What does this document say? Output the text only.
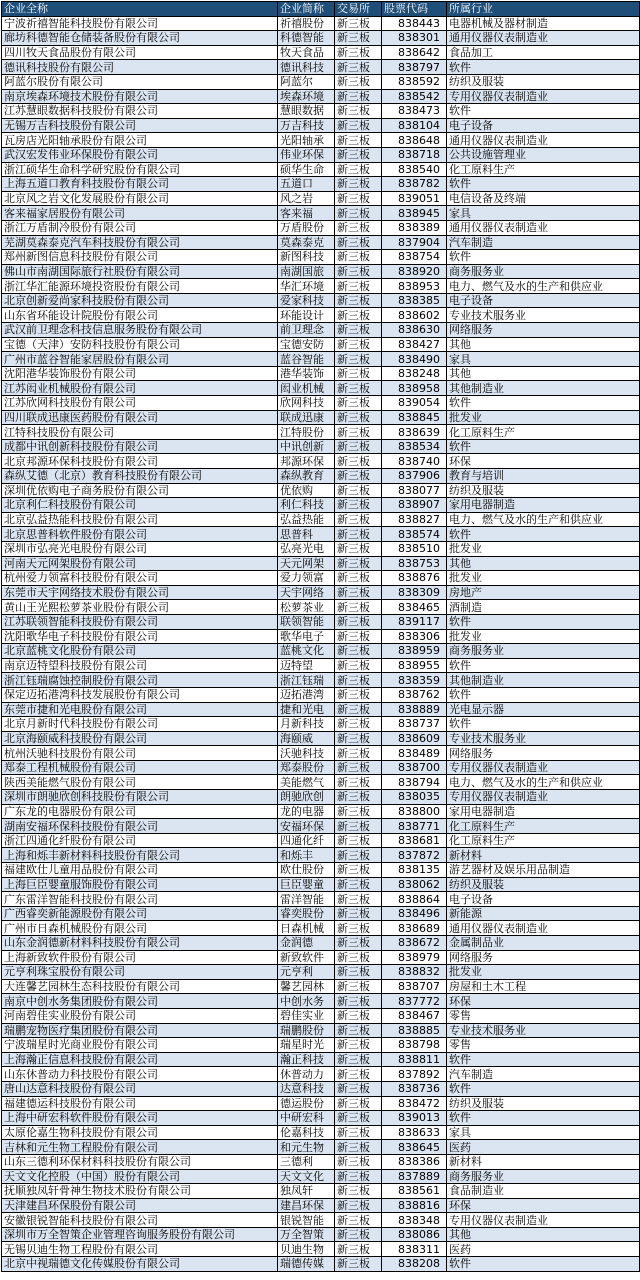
企业全称	企业简称	交易所	股票代码	所属行业
宁波祈禧智能科技股份有限公司	祈禧股份	新三板	838443	电器机械及器材制造
廊坊科德智能仓储装备股份有限公司	科德智能	新三板	838301	通用仪器仪表制造业
四川牧天食品股份有限公司	牧天食品	新三板	838642	食品加工
德讯科技股份有限公司	德讯科技	新三板	838797	软件
阿蓝尔股份有限公司	阿蓝尔	新三板	838592	纺织及服装
南京埃森环境技术股份有限公司	埃森环境	新三板	838542	专用仪器仪表制造业
江苏慧眼数据科技股份有限公司	慧眼数据	新三板	838473	软件
无锡万吉科技股份有限公司	万吉科技	新三板	838104	电子设备
瓦房店光阳轴承股份有限公司	光阳轴承	新三板	838648	通用仪器仪表制造业
武汉宏发伟业环保股份有限公司	伟业环保	新三板	838718	公共设施管理业
浙江硕华生命科学研究股份有限公司	硕华生命	新三板	838540	化工原料生产
上海五道口教育科技股份有限公司	五道口	新三板	838782	软件
北京风之岩文化发展股份有限公司	风之岩	新三板	839051	电信设备及终端
客来福家居股份有限公司	客来福	新三板	838945	家具
浙江万盾制冷股份有限公司	万盾股份	新三板	838389	通用仪器仪表制造业
芜湖莫森泰克汽车科技股份有限公司	莫森泰克	新三板	837904	汽车制造
郑州新图信息科技股份有限公司	新图科技	新三板	838754	软件
佛山市南湖国际旅行社股份有限公司	南湖国旅	新三板	838920	商务服务业
浙江华汇能源环境投资股份有限公司	华汇环境	新三板	838953	电力、燃气及水的生产和供应业
北京创新爱尚家科技股份有限公司	爱家科技	新三板	838385	电子设备
山东省环能设计院股份有限公司	环能设计	新三板	838602	专业技术服务业
武汉前卫理念科技信息服务股份有限公司	前卫理念	新三板	838630	网络服务
宝德（天津）安防科技股份有限公司	宝德安防	新三板	838427	其他
广州市蓝谷智能家居股份有限公司	蓝谷智能	新三板	838490	家具
沈阳港华装饰股份有限公司	港华装饰	新三板	838248	其他
江苏闳业机械股份有限公司	闳业机械	新三板	838958	其他制造业
江苏欣网科技股份有限公司	欣网科技	新三板	839054	软件
四川联成迅康医药股份有限公司	联成迅康	新三板	838845	批发业
江特科技股份有限公司	江特股份	新三板	838639	化工原料生产
成都中讯创新科技股份有限公司	中讯创新	新三板	838534	软件
北京邦源环保科技股份有限公司	邦源环保	新三板	838740	环保
森纵艾德（北京）教育科技股份有限公司	森纵教育	新三板	837906	教育与培训
深圳优依购电子商务股份有限公司	优依购	新三板	838077	纺织及服装
北京利仁科技股份有限公司	利仁科技	新三板	838907	家用电器制造
北京弘益热能科技股份有限公司	弘益热能	新三板	838827	电力、燃气及水的生产和供应业
北京思普科软件股份有限公司	思普科	新三板	838574	软件
深圳市弘亮光电股份有限公司	弘亮光电	新三板	838510	批发业
河南天元网架股份有限公司	天元网架	新三板	838753	其他
杭州爱力领富科技股份有限公司	爱力领富	新三板	838876	批发业
东莞市天宇网络技术股份有限公司	天宇网络	新三板	838309	房地产
黄山王光熙松萝茶业股份有限公司	松萝茶业	新三板	838465	酒制造
江苏联领智能科技股份有限公司	联领智能	新三板	839117	软件
沈阳歌华电子科技股份有限公司	歌华电子	新三板	838306	批发业
北京蓝桃文化股份有限公司	蓝桃文化	新三板	838959	商务服务业
南京迈特望科技股份有限公司	迈特望	新三板	838955	软件
浙江钰瑞腐蚀控制股份有限公司	浙江钰瑞	新三板	838359	其他制造业
保定迈拓港湾科技发展股份有限公司	迈拓港湾	新三板	838762	软件
东莞市捷和光电股份有限公司	捷和光电	新三板	838889	光电显示器
北京月新时代科技股份有限公司	月新科技	新三板	838737	软件
北京海颐威科技股份有限公司	海颐威	新三板	838609	专业技术服务业
杭州沃驰科技股份有限公司	沃驰科技	新三板	838489	网络服务
郑泰工程机械股份有限公司	郑泰股份	新三板	838700	专用仪器仪表制造业
陕西美能燃气股份有限公司	美能燃气	新三板	838794	电力、燃气及水的生产和供应业
深圳市朗驰欣创科技股份有限公司	朗驰欣创	新三板	838035	专用仪器仪表制造业
广东龙的电器股份有限公司	龙的电器	新三板	838800	家用电器制造
湖南安福环保科技股份有限公司	安福环保	新三板	838771	化工原料生产
浙江四通化纤股份有限公司	四通化纤	新三板	838681	化工原料生产
上海和烁丰新材料科技股份有限公司	和烁丰	新三板	837872	新材料
福建欧仕儿童用品股份有限公司	欧仕股份	新三板	838135	游艺器材及娱乐用品制造
上海巨臣婴童服饰股份有限公司	巨臣婴童	新三板	838062	纺织及服装
广东雷洋智能科技股份有限公司	雷洋智能	新三板	838864	电子设备
广西睿奕新能源股份有限公司	睿奕股份	新三板	838496	新能源
广州市日森机械股份有限公司	日森机械	新三板	838689	通用仪器仪表制造业
山东金润德新材料科技股份有限公司	金润德	新三板	838672	金属制品业
上海新致软件股份有限公司	新致软件	新三板	838979	网络服务
元亨利珠宝股份有限公司	元亨利	新三板	838832	批发业
大连馨艺园林生态科技股份有限公司	馨艺园林	新三板	838707	房屋和土木工程
南京中创水务集团股份有限公司	中创水务	新三板	837772	环保
河南碧佳实业股份有限公司	碧佳实业	新三板	838467	零售
瑞鹏宠物医疗集团股份有限公司	瑞鹏股份	新三板	838885	专业技术服务业
宁波瑞星时光商业股份有限公司	瑞星时光	新三板	838798	零售
上海瀚正信息科技股份有限公司	瀚正科技	新三板	838811	软件
山东休普动力科技股份有限公司	休普动力	新三板	837892	汽车制造
唐山达意科技股份有限公司	达意科技	新三板	838736	软件
福建德运科技股份有限公司	德运股份	新三板	838472	纺织及服装
上海中研宏科软件股份有限公司	中研宏科	新三板	839013	软件
太原伦嘉生物科技股份有限公司	伦嘉科技	新三板	838633	家具
吉林和元生物工程股份有限公司	和元生物	新三板	838645	医药
山东三德利环保材料科技股份有限公司	三德利	新三板	838386	新材料
天文文化控股（中国）股份有限公司	天文文化	新三板	837889	商务服务业
抚顺独凤轩骨神生物技术股份有限公司	独凤轩	新三板	838561	食品制造业
天津建昌环保股份有限公司	建昌环保	新三板	838816	环保
安徽银锐智能科技股份有限公司	银锐智能	新三板	838348	专用仪器仪表制造业
深圳市万全智策企业管理咨询服务股份有限公司	万全智策	新三板	838086	其他
无锡贝迪生物工程股份有限公司	贝迪生物	新三板	838311	医药
北京中视瑞德文化传媒股份有限公司	瑞德传媒	新三板	838208	软件
